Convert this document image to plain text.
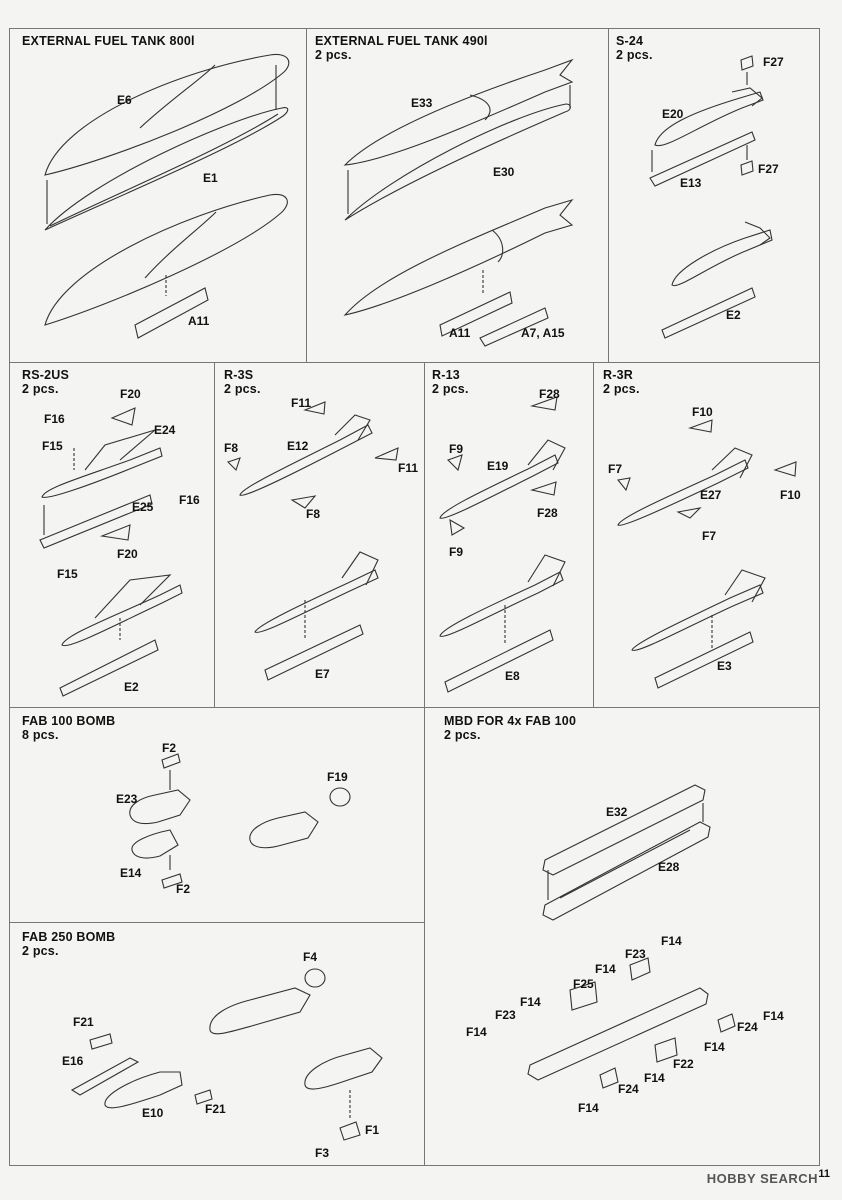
EXTERNAL FUEL TANK 800l	EXTERNAL FUEL TANK 490l
2 pcs.
S-24
2 pcs.
RS-2US
2 pcs.
R-3S
2 pcs.
R-13
2 pcs.
R-3R
2 pcs.
FAB 100 BOMB
8 pcs.
MBD FOR 4x FAB 100
2 pcs.
FAB 250 BOMB
2 pcs.
E6
E1
A11
E33
E30
A11	A7, A15
F27
E20
F27
E13
E2
F20
F16
E24
F15
F16
E25
F20
F15
E2
F11
F8	E12
F11
F8
E7
F28
F9
E19
F28
F9
E8
F10
F7
E27	F10
F7
E3
F2
E23
F19
E14
F2
E32
E28
F14
F23
F14
F25
F14
F23
F14
F14
F24
F14
F22
F14
F24
F14
F4
F21
E16
E10	F21
F1
F3
HOBBY SEARCH 11
